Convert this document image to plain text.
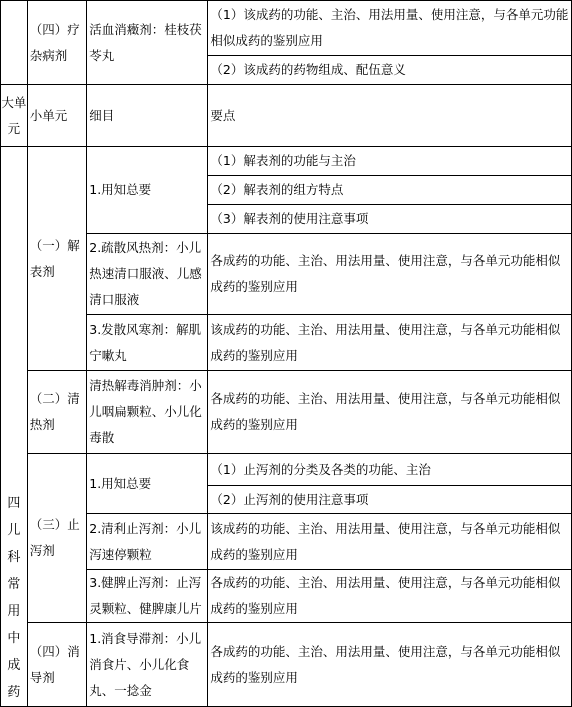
	（四）疗杂病剂	活血消癥剂：桂枝茯苓丸	（1）该成药的功能、主治、用法用量、使用注意，与各单元功能相似成药的鉴别应用
			（2）该成药的药物组成、配伍意义
大单元	小单元	细目	要点

四儿科常用中成药	（一）解表剂	1.用知总要	（1）解表剂的功能与主治
			（2）解表剂的组方特点
			（3）解表剂的使用注意事项
		2.疏散风热剂：小儿热速清口服液、儿感清口服液	各成药的功能、主治、用法用量、使用注意，与各单元功能相似成药的鉴别应用
		3.发散风寒剂：解肌宁嗽丸	该成药的功能、主治、用法用量、使用注意，与各单元功能相似成药的鉴别应用
	（二）清热剂	清热解毒消肿剂：小儿咽扁颗粒、小儿化毒散	各成药的功能、主治、用法用量、使用注意，与各单元功能相似成药的鉴别应用
	（三）止泻剂	1.用知总要	（1）止泻剂的分类及各类的功能、主治
			（2）止泻剂的使用注意事项
		2.清利止泻剂：小儿泻速停颗粒	该成药的功能、主治、用法用量、使用注意，与各单元功能相似成药的鉴别应用
		3.健脾止泻剂：止泻灵颗粒、健脾康儿片	各成药的功能、主治、用法用量、使用注意，与各单元功能相似成药的鉴别应用
	（四）消导剂	1.消食导滞剂：小儿消食片、小儿化食丸、一捻金	各成药的功能、主治、用法用量、使用注意，与各单元功能相似成药的鉴别应用
